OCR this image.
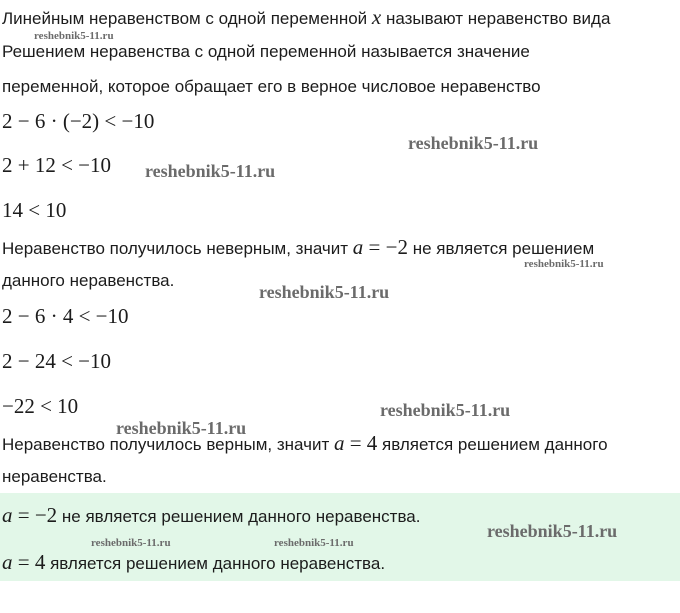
Линейным неравенством с одной переменной x называют неравенство вида
Решением неравенства с одной переменной называется значение
переменной, которое обращает его в верное числовое неравенство
2 − 6 · (−2) < −10
2 + 12 < −10
14 < 10
Неравенство получилось неверным, значит a = −2 не является решением
данного неравенства.
2 − 6 · 4 < −10
2 − 24 < −10
−22 < 10
Неравенство получилось верным, значит a = 4 является решением данного
неравенства.
a = −2 не является решением данного неравенства.
a = 4 является решением данного неравенства.
reshebnik5-11.ru
reshebnik5-11.ru
reshebnik5-11.ru
reshebnik5-11.ru
reshebnik5-11.ru
reshebnik5-11.ru
reshebnik5-11.ru
reshebnik5-11.ru
reshebnik5-11.ru	reshebnik5-11.ru
